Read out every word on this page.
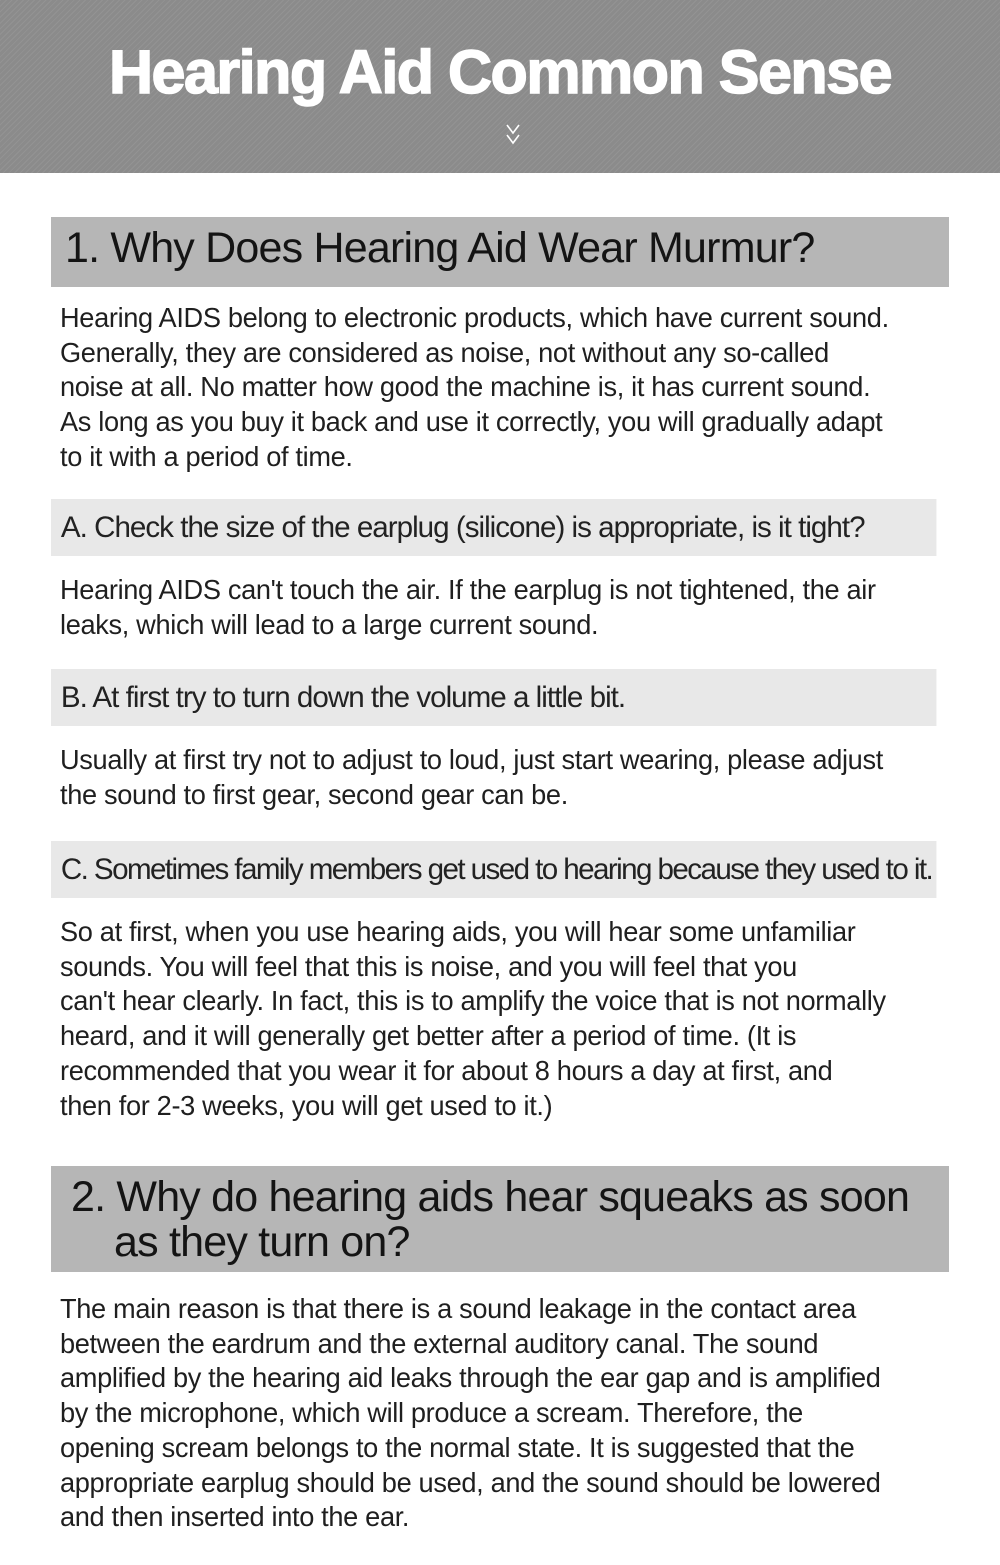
Hearing Aid Common Sense
1. Why Does Hearing Aid Wear Murmur?
Hearing AIDS belong to electronic products, which have current sound.
Generally, they are considered as noise, not without any so-called
noise at all. No matter how good the machine is, it has current sound.
As long as you buy it back and use it correctly, you will gradually adapt
to it with a period of time.
A. Check the size of the earplug (silicone) is appropriate, is it tight?
Hearing AIDS can't touch the air. If the earplug is not tightened, the air
leaks, which will lead to a large current sound.
B. At first try to turn down the volume a little bit.
Usually at first try not to adjust to loud, just start wearing, please adjust
the sound to first gear, second gear can be.
C. Sometimes family members get used to hearing because they used to it.
So at first, when you use hearing aids, you will hear some unfamiliar
sounds. You will feel that this is noise, and you will feel that you
can't hear clearly. In fact, this is to amplify the voice that is not normally
heard, and it will generally get better after a period of time. (It is
recommended that you wear it for about 8 hours a day at first, and
then for 2-3 weeks, you will get used to it.)
2. Why do hearing aids hear squeaks as soon
as they turn on?
The main reason is that there is a sound leakage in the contact area
between the eardrum and the external auditory canal. The sound
amplified by the hearing aid leaks through the ear gap and is amplified
by the microphone, which will produce a scream. Therefore, the
opening scream belongs to the normal state. It is suggested that the
appropriate earplug should be used, and the sound should be lowered
and then inserted into the ear.
